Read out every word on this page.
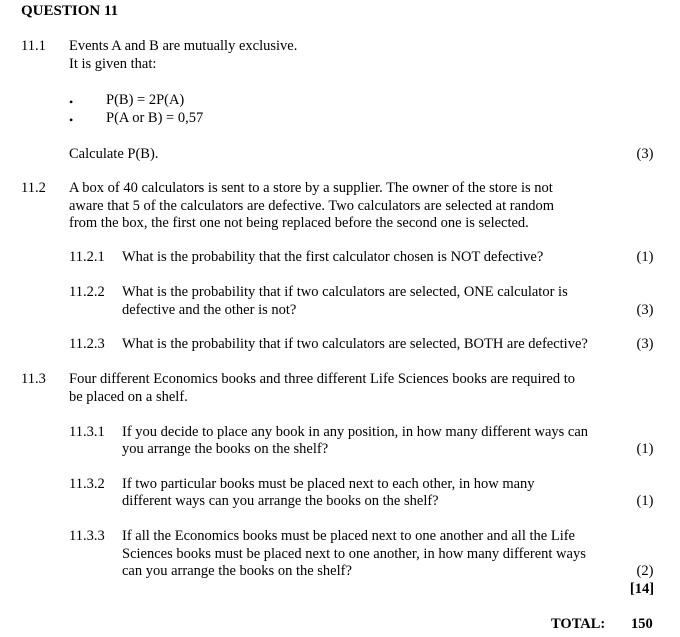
QUESTION 11
11.1 Events A and B are mutually exclusive.
It is given that:
• P(B) = 2P(A)
• P(A or B) = 0,57
Calculate P(B).	(3)
11.2 A box of 40 calculators is sent to a store by a supplier. The owner of the store is not
aware that 5 of the calculators are defective. Two calculators are selected at random
from the box, the first one not being replaced before the second one is selected.
11.2.1 What is the probability that the first calculator chosen is NOT defective?	(1)
11.2.2 What is the probability that if two calculators are selected, ONE calculator is
defective and the other is not?	(3)
11.2.3 What is the probability that if two calculators are selected, BOTH are defective?	(3)
11.3 Four different Economics books and three different Life Sciences books are required to
be placed on a shelf.
11.3.1 If you decide to place any book in any position, in how many different ways can
you arrange the books on the shelf?	(1)
11.3.2 If two particular books must be placed next to each other, in how many
different ways can you arrange the books on the shelf?	(1)
11.3.3 If all the Economics books must be placed next to one another and all the Life
Sciences books must be placed next to one another, in how many different ways
can you arrange the books on the shelf?	(2)
[14]
TOTAL: 150
